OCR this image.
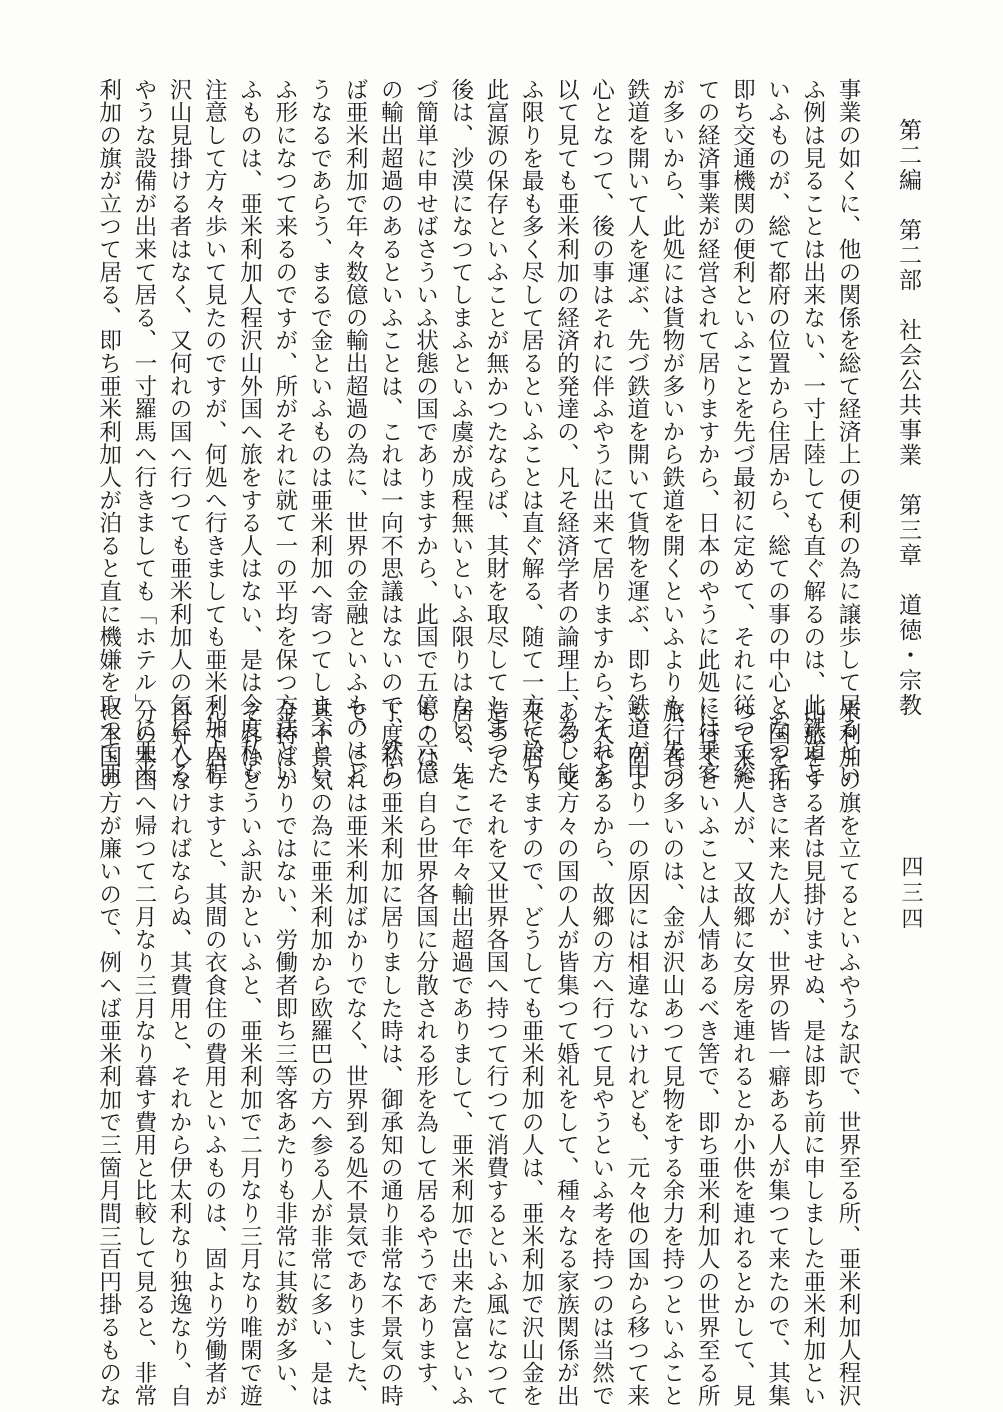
第二編　第二部　社会公共事業　第三章　道徳・宗教
四三四
事業の如くに、他の関係を総て経済上の便利の為に譲歩して居るとい
ふ例は見ることは出来ない、一寸上陸しても直ぐ解るのは、此鉄道と
いふものが、総て都府の位置から住居から、総ての事の中心となつて
即ち交通機関の便利といふことを先づ最初に定めて、それに従つて総
ての経済事業が経営されて居りますから、日本のやうに此処には乗客
が多いから、此処には貨物が多いから鉄道を開くといふよりも、先づ
鉄道を開いて人を運ぶ、先づ鉄道を開いて貨物を運ぶ、即ち鉄道が中
心となつて、後の事はそれに伴ふやうに出来て居りますから、それを
以て見ても亜米利加の経済的発達の、凡そ経済学者の論理上、為し能
ふ限りを最も多く尽して居るといふことは直ぐ解る、随て一方に於て
此富源の保存といふことが無かつたならば、其財を取尽してしまつた
後は、沙漠になつてしまふといふ虞が成程無いといふ限りはない、先
づ簡単に申せばさういふ状態の国でありますから、此国で五億・六億
の輸出超過のあるといふことは、これは一向不思議はないので、然ら
ば亜米利加で年々数億の輸出超過の為に、世界の金融といふものはど
うなるであらう、まるで金といふものは亜米利加へ寄つてしまふとい
ふ形になつて来るのですが、所がそれに就て一の平均を保つ方法とい
ふものは、亜米利加人程沢山外国へ旅をする人はない、是は今度私も
注意して方々歩いて見たのですが、何処へ行きましても亜米利加人程
沢山見掛ける者はなく、又何れの国へ行つても亜米利加人の気に入る
やうな設備が出来て居る、一寸羅馬へ行きましても「ホテル」に亜米
利加の旗が立つて居る、即ち亜米利加人が泊ると直に機嫌を取つて亜
米利加の旗を立てるといふやうな訳で、世界至る所、亜米利加人程沢
山旅をする者は見掛けませぬ、是は即ち前に申しました亜米利加とい
ふ国を拓きに来た人が、世界の皆一癖ある人が集つて来たので、其集
つて来た人が、又故郷に女房を連れるとか小供を連れるとかして、見
に行くといふことは人情あるべき筈で、即ち亜米利加人の世界至る所
旅行者の多いのは、金が沢山あつて見物をする余力を持つといふこと
も、固より一の原因には相違ないけれども、元々他の国から移つて来
た人であるから、故郷の方へ行つて見やうといふ考を持つのは当然で
ある、又方々の国の人が皆集つて婚礼をして、種々なる家族関係が出
来て居りますので、どうしても亜米利加の人は、亜米利加で沢山金を
造つて、それを又世界各国へ持つて行つて消費するといふ風になつて
居る、そこで年々輸出超過でありまして、亜米利加で出来た富といふ
ものは、自ら世界各国に分散される形を為して居るやうであります、
丁度私の亜米利加に居りました時は、御承知の通り非常な不景気の時
で、これは亜米利加ばかりでなく、世界到る処不景気でありました、
其不景気の為に亜米利加から欧羅巴の方へ参る人が非常に多い、是は
金持ばかりではない、労働者即ち三等客あたりも非常に其数が多い、
それはどういふ訳かといふと、亜米利加で二月なり三月なり唯閑で遊
んで居りますと、其間の衣食住の費用といふものは、固より労働者が
自弁しなければならぬ、其費用と、それから伊太利なり独逸なり、自
分の本国へ帰つて二月なり三月なり暮す費用と比較して見ると、非常
に本国の方が廉いので、例へば亜米利加で三箇月間三百円掛るものな
